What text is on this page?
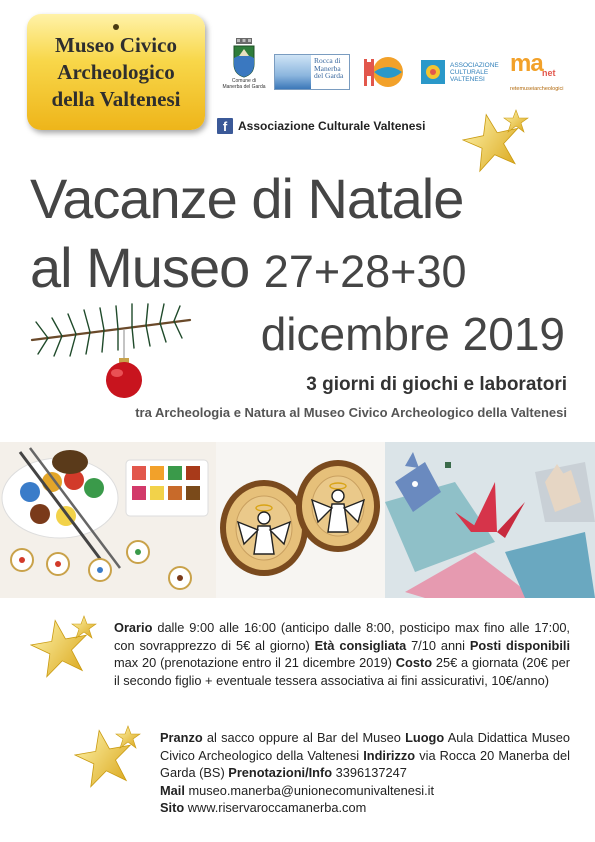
Museo Civico
Archeologico
della Valtenesi
Comune di Manerba del Garda
Rocca di
Manerba
del Garda
ASSOCIAZIONE
CULTURALE
VALTENESI
ma net
retemuseiarcheologici
f Associazione Culturale Valtenesi
Vacanze di Natale
al Museo 27+28+30
dicembre 2019
3 giorni di giochi e laboratori
tra Archeologia e Natura al Museo Civico Archeologico della Valtenesi
Orario dalle 9:00 alle 16:00 (anticipo dalle 8:00, posticipo max fino alle 17:00, con sovrapprezzo di 5€ al giorno) Età consigliata 7/10 anni Posti disponibili max 20 (prenotazione entro il 21 dicembre 2019) Costo 25€ a giornata (20€ per il secondo figlio + eventuale tessera associativa ai fini assicurativi, 10€/anno)
Pranzo al sacco oppure al Bar del Museo Luogo Aula Didattica Museo Civico Archeologico della Valtenesi Indirizzo via Rocca 20 Manerba del Garda (BS) Prenotazioni/Info 3396137247
Mail museo.manerba@unionecomunivaltenesi.it
Sito www.riservaroccamanerba.com
